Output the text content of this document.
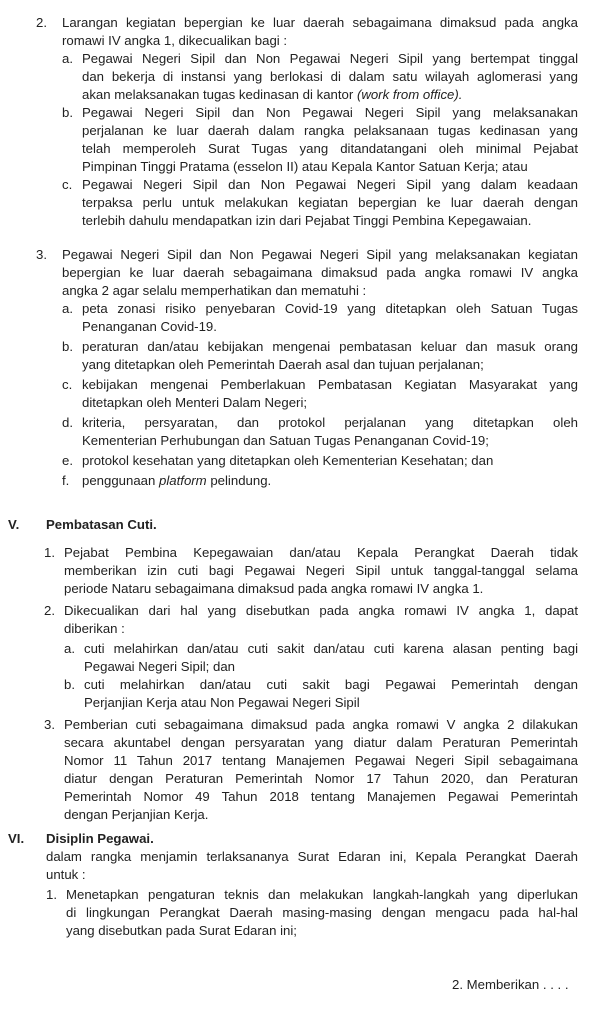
2. Larangan kegiatan bepergian ke luar daerah sebagaimana dimaksud pada angka
romawi IV angka 1, dikecualikan bagi :
a. Pegawai Negeri Sipil dan Non Pegawai Negeri Sipil yang bertempat tinggal
dan bekerja di instansi yang berlokasi di dalam satu wilayah aglomerasi yang
akan melaksanakan tugas kedinasan di kantor (work from office).
b. Pegawai Negeri Sipil dan Non Pegawai Negeri Sipil yang melaksanakan
perjalanan ke luar daerah dalam rangka pelaksanaan tugas kedinasan yang
telah memperoleh Surat Tugas yang ditandatangani oleh minimal Pejabat
Pimpinan Tinggi Pratama (esselon II) atau Kepala Kantor Satuan Kerja; atau
c. Pegawai Negeri Sipil dan Non Pegawai Negeri Sipil yang dalam keadaan
terpaksa perlu untuk melakukan kegiatan bepergian ke luar daerah dengan
terlebih dahulu mendapatkan izin dari Pejabat Tinggi Pembina Kepegawaian.
3. Pegawai Negeri Sipil dan Non Pegawai Negeri Sipil yang melaksanakan kegiatan
bepergian ke luar daerah sebagaimana dimaksud pada angka romawi IV angka
angka 2 agar selalu memperhatikan dan mematuhi :
a. peta zonasi risiko penyebaran Covid-19 yang ditetapkan oleh Satuan Tugas
Penanganan Covid-19.
b. peraturan dan/atau kebijakan mengenai pembatasan keluar dan masuk orang
yang ditetapkan oleh Pemerintah Daerah asal dan tujuan perjalanan;
c. kebijakan mengenai Pemberlakuan Pembatasan Kegiatan Masyarakat yang
ditetapkan oleh Menteri Dalam Negeri;
d. kriteria, persyaratan, dan protokol perjalanan yang ditetapkan oleh
Kementerian Perhubungan dan Satuan Tugas Penanganan Covid-19;
e. protokol kesehatan yang ditetapkan oleh Kementerian Kesehatan; dan
f. penggunaan platform pelindung.
V. Pembatasan Cuti.
1. Pejabat Pembina Kepegawaian dan/atau Kepala Perangkat Daerah tidak
memberikan izin cuti bagi Pegawai Negeri Sipil untuk tanggal-tanggal selama
periode Nataru sebagaimana dimaksud pada angka romawi IV angka 1.
2. Dikecualikan dari hal yang disebutkan pada angka romawi IV angka 1, dapat
diberikan :
a. cuti melahirkan dan/atau cuti sakit dan/atau cuti karena alasan penting bagi
Pegawai Negeri Sipil; dan
b. cuti melahirkan dan/atau cuti sakit bagi Pegawai Pemerintah dengan
Perjanjian Kerja atau Non Pegawai Negeri Sipil
3. Pemberian cuti sebagaimana dimaksud pada angka romawi V angka 2 dilakukan
secara akuntabel dengan persyaratan yang diatur dalam Peraturan Pemerintah
Nomor 11 Tahun 2017 tentang Manajemen Pegawai Negeri Sipil sebagaimana
diatur dengan Peraturan Pemerintah Nomor 17 Tahun 2020, dan Peraturan
Pemerintah Nomor 49 Tahun 2018 tentang Manajemen Pegawai Pemerintah
dengan Perjanjian Kerja.
VI. Disiplin Pegawai.
dalam rangka menjamin terlaksananya Surat Edaran ini, Kepala Perangkat Daerah
untuk :
1. Menetapkan pengaturan teknis dan melakukan langkah-langkah yang diperlukan
di lingkungan Perangkat Daerah masing-masing dengan mengacu pada hal-hal
yang disebutkan pada Surat Edaran ini;
2. Memberikan . . . .
